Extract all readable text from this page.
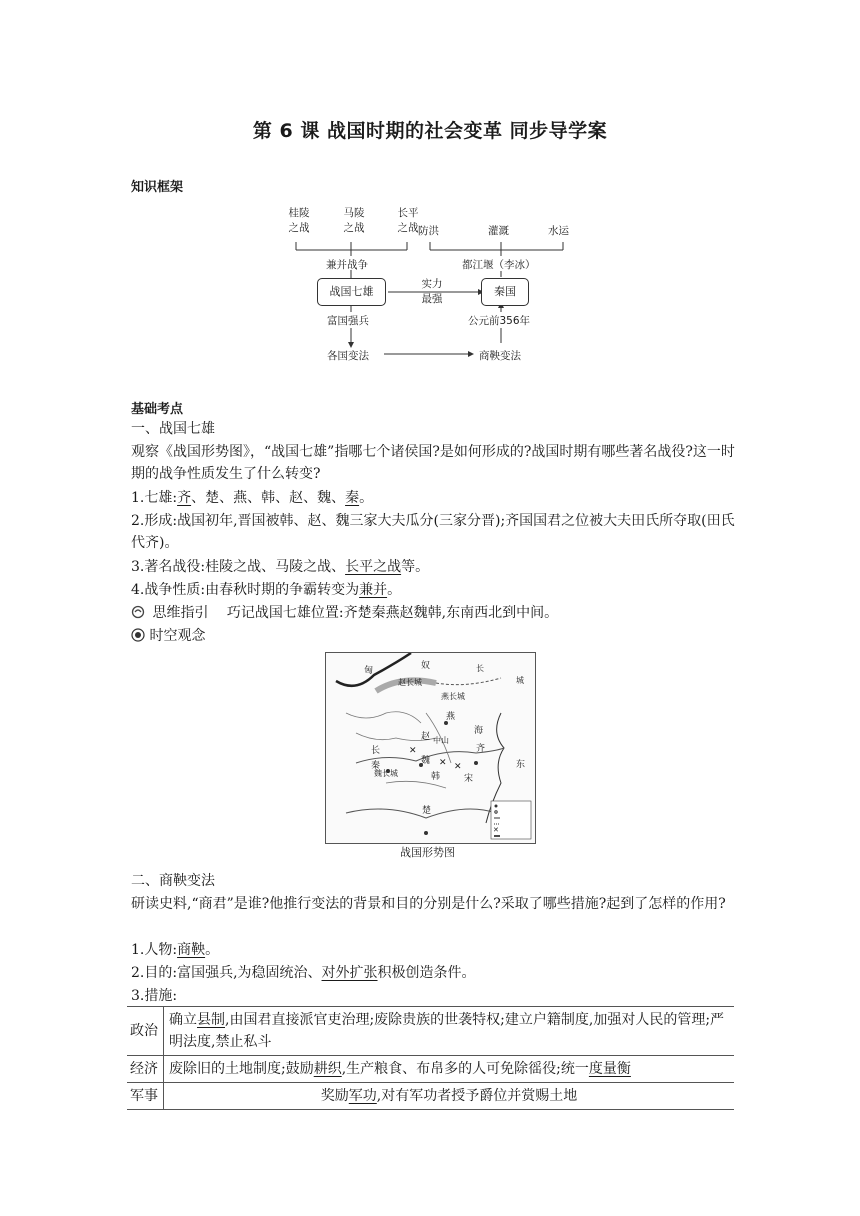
第 6 课 战国时期的社会变革 同步导学案
知识框架
桂陵
之战
马陵
之战
长平
之战 防洪	灌溉	水运
兼并战争	都江堰（李冰）
战国七雄
实力
最强
秦国
富国强兵	公元前356年
各国变法	商鞅变法
基础考点
一、战国七雄
观察《战国形势图》，“战国七雄”指哪七个诸侯国?是如何形成的?战国时期有哪些著名战役?这一时期的战争性质发生了什么转变?
1.七雄:齐、楚、燕、韩、赵、魏、秦。
2.形成:战国初年,晋国被韩、赵、魏三家大夫瓜分(三家分晋);齐国国君之位被大夫田氏所夺取(田氏代齐)。
3.著名战役:桂陵之战、马陵之战、长平之战等。
4.战争性质:由春秋时期的争霸转变为兼并。
思维指引 巧记战国七雄位置:齐楚秦燕赵魏韩,东南西北到中间。
时空观念
✕
✕ ✕
✕
匈	奴
赵长城
燕长城
燕
长
城
中山
赵
海
齐
东
长
秦
魏长城
魏
韩	宋
楚
战国形势图
二、商鞅变法
研读史料,“商君”是谁?他推行变法的背景和目的分别是什么?采取了哪些措施?起到了怎样的作用?
1.人物:商鞅。
2.目的:富国强兵,为稳固统治、对外扩张积极创造条件。
3.措施:
政治	确立县制,由国君直接派官吏治理;废除贵族的世袭特权;建立户籍制度,加强对人民的管理;严明法度,禁止私斗
经济	废除旧的土地制度;鼓励耕织,生产粮食、布帛多的人可免除徭役;统一度量衡
军事	奖励军功,对有军功者授予爵位并赏赐土地
